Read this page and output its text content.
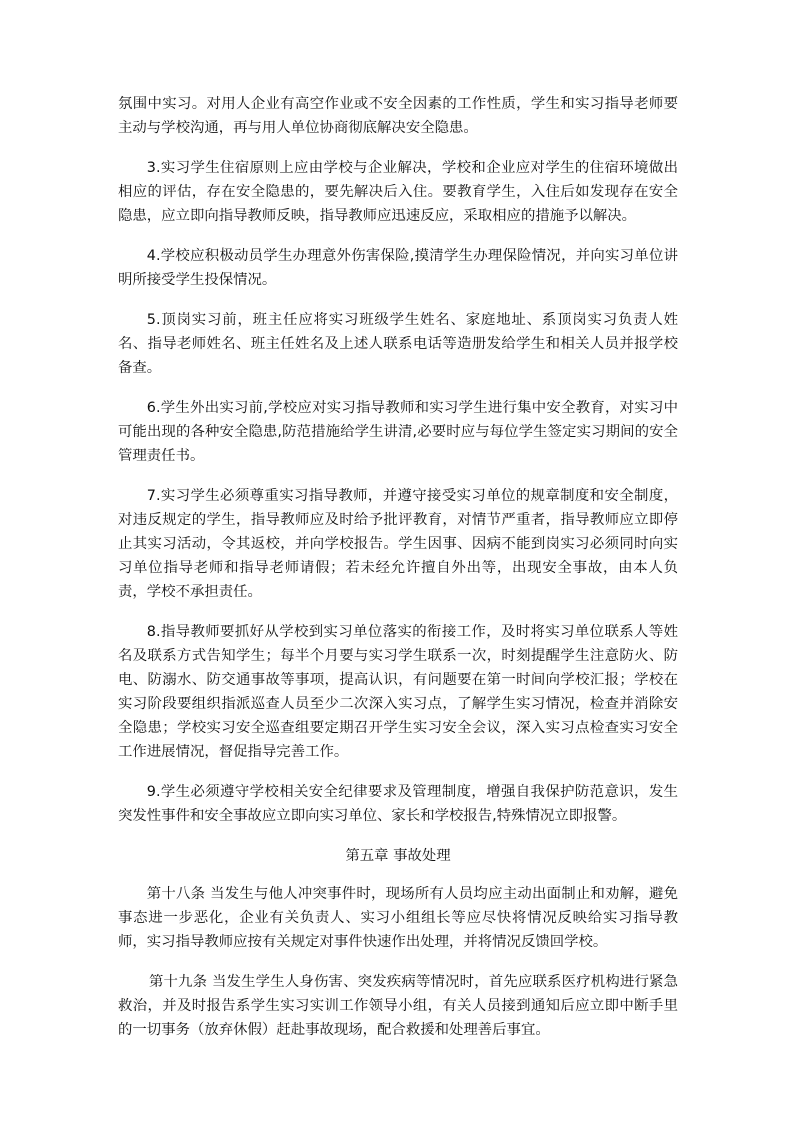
氛围中实习。对用人企业有高空作业或不安全因素的工作性质，学生和实习指导老师要主动与学校沟通，再与用人单位协商彻底解决安全隐患。

3.实习学生住宿原则上应由学校与企业解决，学校和企业应对学生的住宿环境做出相应的评估，存在安全隐患的，要先解决后入住。要教育学生，入住后如发现存在安全隐患，应立即向指导教师反映，指导教师应迅速反应，采取相应的措施予以解决。

4.学校应积极动员学生办理意外伤害保险,摸清学生办理保险情况，并向实习单位讲明所接受学生投保情况。

5.顶岗实习前，班主任应将实习班级学生姓名、家庭地址、系顶岗实习负责人姓名、指导老师姓名、班主任姓名及上述人联系电话等造册发给学生和相关人员并报学校备查。

6.学生外出实习前,学校应对实习指导教师和实习学生进行集中安全教育，对实习中可能出现的各种安全隐患,防范措施给学生讲清,必要时应与每位学生签定实习期间的安全管理责任书。

7.实习学生必须尊重实习指导教师，并遵守接受实习单位的规章制度和安全制度，对违反规定的学生，指导教师应及时给予批评教育，对情节严重者，指导教师应立即停止其实习活动，令其返校，并向学校报告。学生因事、因病不能到岗实习必须同时向实习单位指导老师和指导老师请假；若未经允许擅自外出等，出现安全事故，由本人负责，学校不承担责任。

8.指导教师要抓好从学校到实习单位落实的衔接工作，及时将实习单位联系人等姓名及联系方式告知学生；每半个月要与实习学生联系一次，时刻提醒学生注意防火、防电、防溺水、防交通事故等事项，提高认识，有问题要在第一时间向学校汇报；学校在实习阶段要组织指派巡查人员至少二次深入实习点，了解学生实习情况，检查并消除安全隐患；学校实习安全巡查组要定期召开学生实习安全会议，深入实习点检查实习安全工作进展情况，督促指导完善工作。

9.学生必须遵守学校相关安全纪律要求及管理制度，增强自我保护防范意识，发生突发性事件和安全事故应立即向实习单位、家长和学校报告,特殊情况立即报警。

第五章 事故处理

第十八条 当发生与他人冲突事件时，现场所有人员均应主动出面制止和劝解，避免事态进一步恶化，企业有关负责人、实习小组组长等应尽快将情况反映给实习指导教师，实习指导教师应按有关规定对事件快速作出处理，并将情况反馈回学校。

第十九条 当发生学生人身伤害、突发疾病等情况时，首先应联系医疗机构进行紧急救治，并及时报告系学生实习实训工作领导小组，有关人员接到通知后应立即中断手里的一切事务（放弃休假）赶赴事故现场，配合救援和处理善后事宜。
